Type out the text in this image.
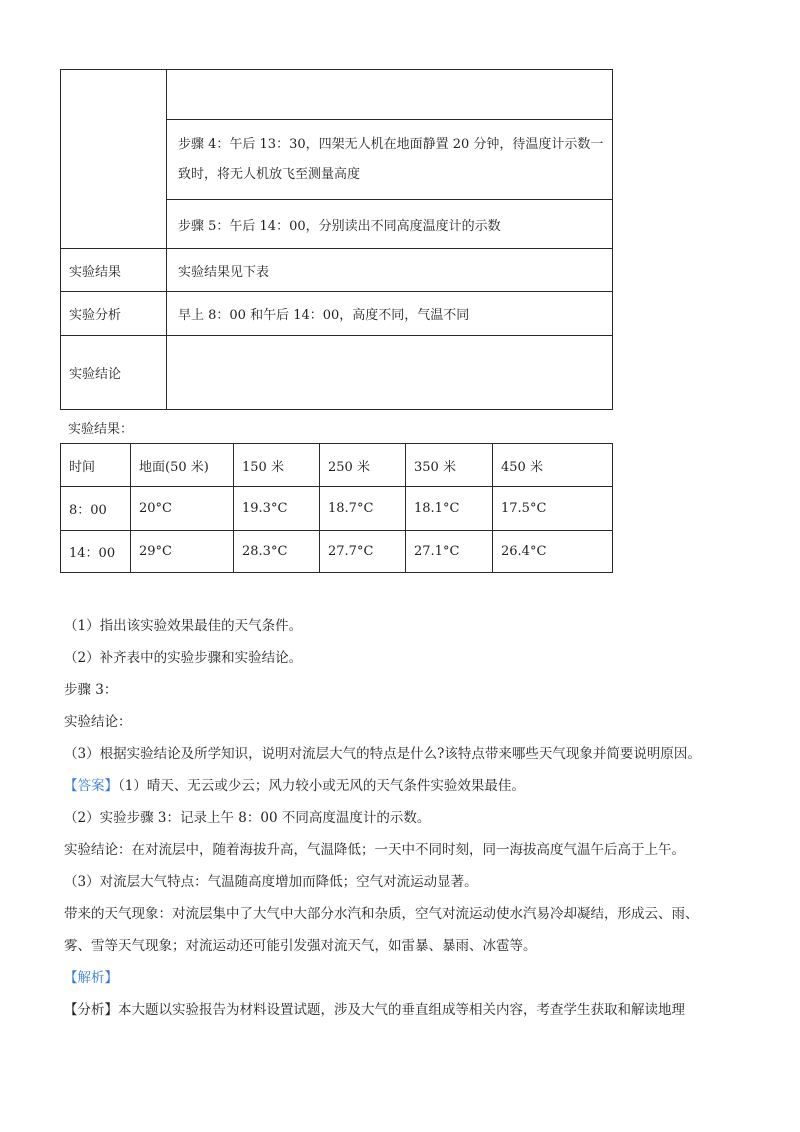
	步骤 4：午后 13：30，四架无人机在地面静置 20 分钟，待温度计示数一致时，将无人机放飞至测量高度
	步骤 5：午后 14：00，分别读出不同高度温度计的示数
实验结果	实验结果见下表
实验分析	早上 8：00 和午后 14：00，高度不同，气温不同
实验结论	
实验结果：
时间	地面(50 米)	150 米	250 米	350 米	450 米
8：00	20°C	19.3°C	18.7°C	18.1°C	17.5°C
14：00	29°C	28.3°C	27.7°C	27.1°C	26.4°C
（1）指出该实验效果最佳的天气条件。
（2）补齐表中的实验步骤和实验结论。
步骤 3：
实验结论：
（3）根据实验结论及所学知识，说明对流层大气的特点是什么?该特点带来哪些天气现象并简要说明原因。
【答案】（1）晴天、无云或少云；风力较小或无风的天气条件实验效果最佳。
（2）实验步骤 3：记录上午 8：00 不同高度温度计的示数。
实验结论：在对流层中，随着海拔升高，气温降低；一天中不同时刻，同一海拔高度气温午后高于上午。
（3）对流层大气特点：气温随高度增加而降低；空气对流运动显著。
带来的天气现象：对流层集中了大气中大部分水汽和杂质，空气对流运动使水汽易冷却凝结，形成云、雨、
雾、雪等天气现象；对流运动还可能引发强对流天气，如雷暴、暴雨、冰雹等。
【解析】
【分析】本大题以实验报告为材料设置试题，涉及大气的垂直组成等相关内容，考查学生获取和解读地理
